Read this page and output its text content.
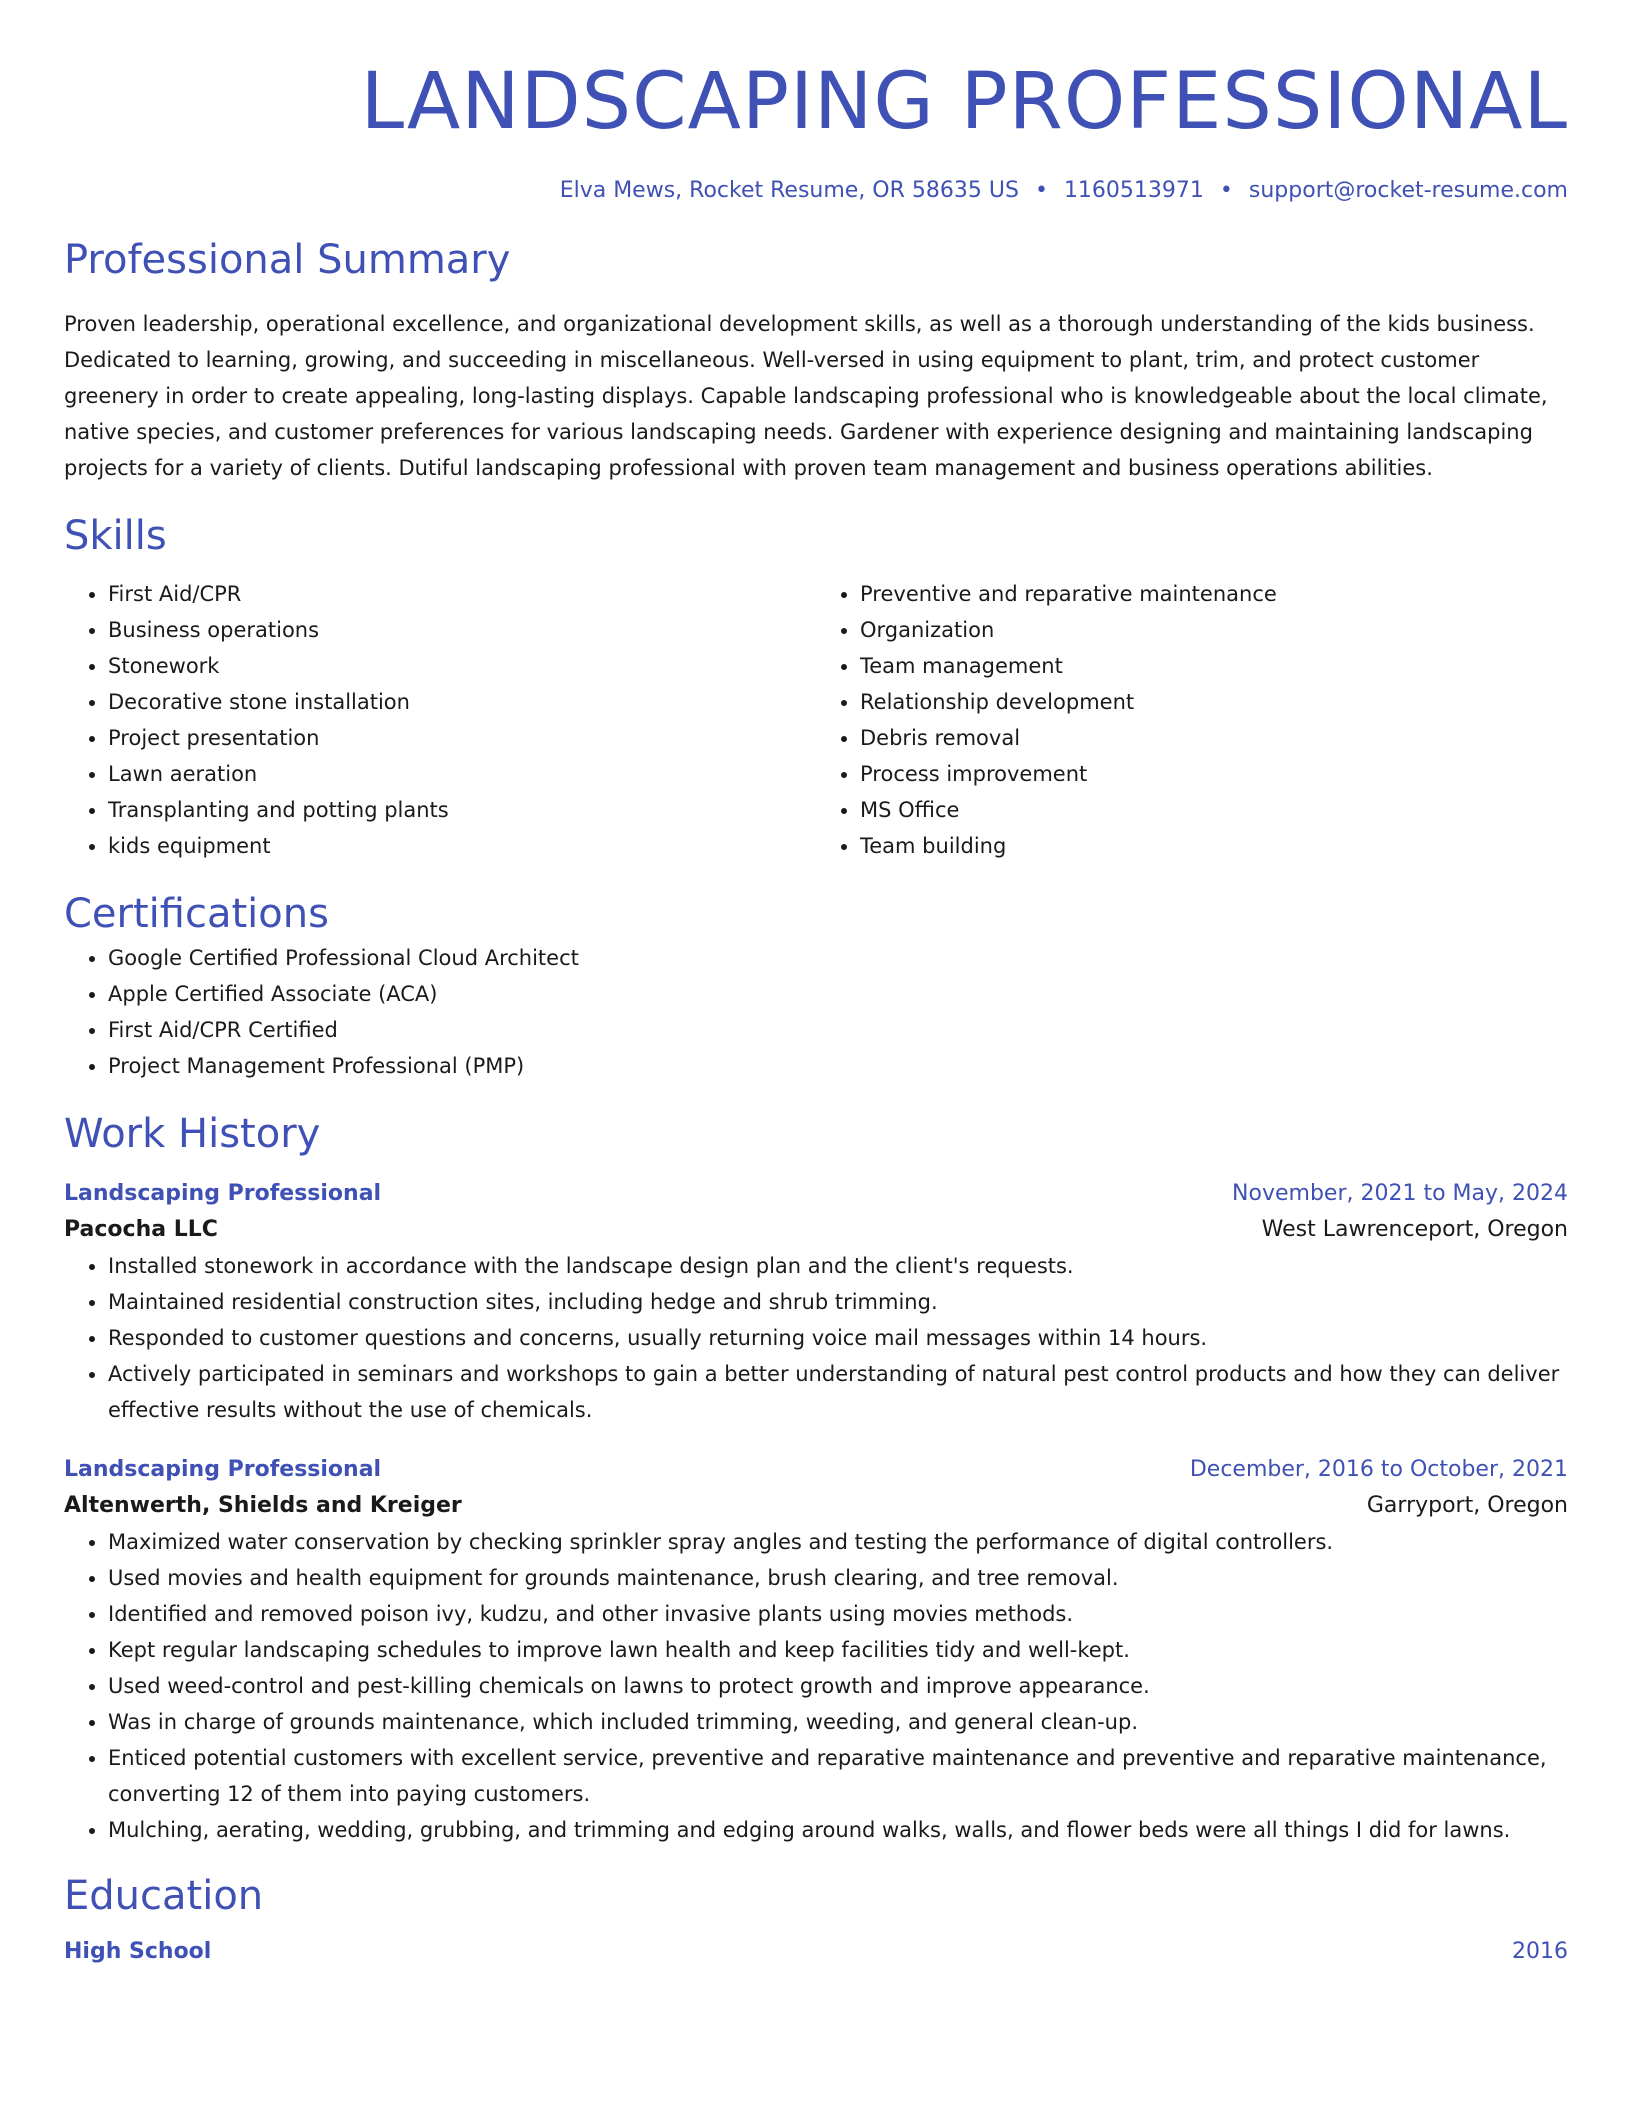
LANDSCAPING PROFESSIONAL
Elva Mews, Rocket Resume, OR 58635 US • 1160513971 • support@rocket-resume.com
Professional Summary

Proven leadership, operational excellence, and organizational development skills, as well as a thorough understanding of the kids business. Dedicated to learning, growing, and succeeding in miscellaneous. Well-versed in using equipment to plant, trim, and protect customer greenery in order to create appealing, long-lasting displays. Capable landscaping professional who is knowledgeable about the local climate, native species, and customer preferences for various landscaping needs. Gardener with experience designing and maintaining landscaping projects for a variety of clients. Dutiful landscaping professional with proven team management and business operations abilities.

Skills
• First Aid/CPR
• Business operations
• Stonework
• Decorative stone installation
• Project presentation
• Lawn aeration
• Transplanting and potting plants
• kids equipment
• Preventive and reparative maintenance
• Organization
• Team management
• Relationship development
• Debris removal
• Process improvement
• MS Office
• Team building
Certifications
• Google Certified Professional Cloud Architect
• Apple Certified Associate (ACA)
• First Aid/CPR Certified
• Project Management Professional (PMP)
Work History
Landscaping Professional	November, 2021 to May, 2024
Pacocha LLC	West Lawrenceport, Oregon
• Installed stonework in accordance with the landscape design plan and the client's requests.
• Maintained residential construction sites, including hedge and shrub trimming.
• Responded to customer questions and concerns, usually returning voice mail messages within 14 hours.
• Actively participated in seminars and workshops to gain a better understanding of natural pest control products and how they can deliver effective results without the use of chemicals.
Landscaping Professional	December, 2016 to October, 2021
Altenwerth, Shields and Kreiger	Garryport, Oregon
• Maximized water conservation by checking sprinkler spray angles and testing the performance of digital controllers.
• Used movies and health equipment for grounds maintenance, brush clearing, and tree removal.
• Identified and removed poison ivy, kudzu, and other invasive plants using movies methods.
• Kept regular landscaping schedules to improve lawn health and keep facilities tidy and well-kept.
• Used weed-control and pest-killing chemicals on lawns to protect growth and improve appearance.
• Was in charge of grounds maintenance, which included trimming, weeding, and general clean-up.
• Enticed potential customers with excellent service, preventive and reparative maintenance and preventive and reparative maintenance, converting 12 of them into paying customers.
• Mulching, aerating, wedding, grubbing, and trimming and edging around walks, walls, and flower beds were all things I did for lawns.
Education
High School	2016
